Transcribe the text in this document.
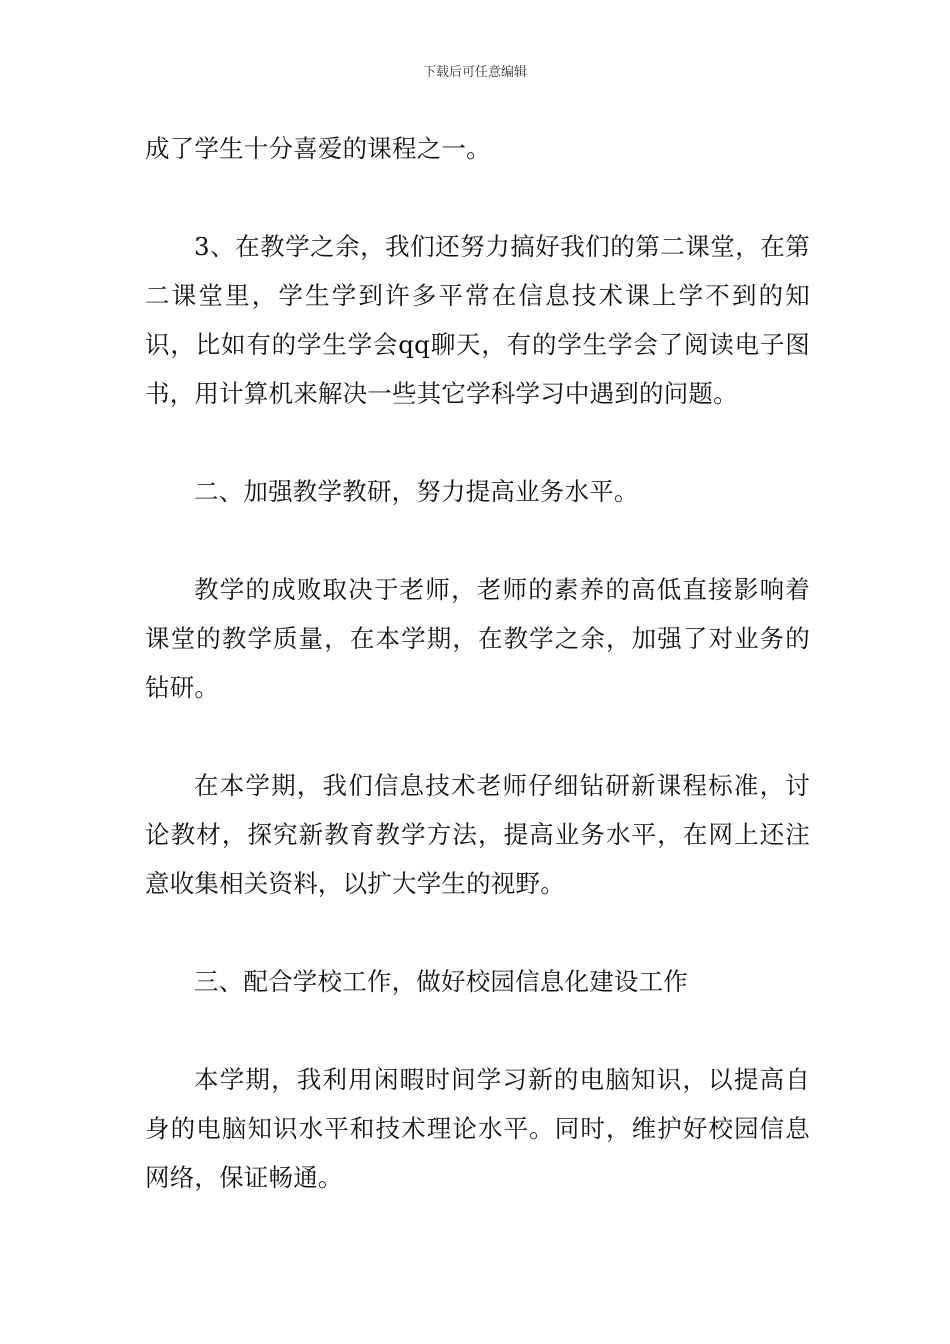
下载后可任意编辑

成了学生十分喜爱的课程之一。

3、在教学之余，我们还努力搞好我们的第二课堂，在第二课堂里，学生学到许多平常在信息技术课上学不到的知识，比如有的学生学会qq聊天，有的学生学会了阅读电子图书，用计算机来解决一些其它学科学习中遇到的问题。

二、加强教学教研，努力提高业务水平。

教学的成败取决于老师，老师的素养的高低直接影响着课堂的教学质量，在本学期，在教学之余，加强了对业务的钻研。

在本学期，我们信息技术老师仔细钻研新课程标准，讨论教材，探究新教育教学方法，提高业务水平，在网上还注意收集相关资料，以扩大学生的视野。

三、配合学校工作，做好校园信息化建设工作

本学期，我利用闲暇时间学习新的电脑知识，以提高自身的电脑知识水平和技术理论水平。同时，维护好校园信息网络，保证畅通。
